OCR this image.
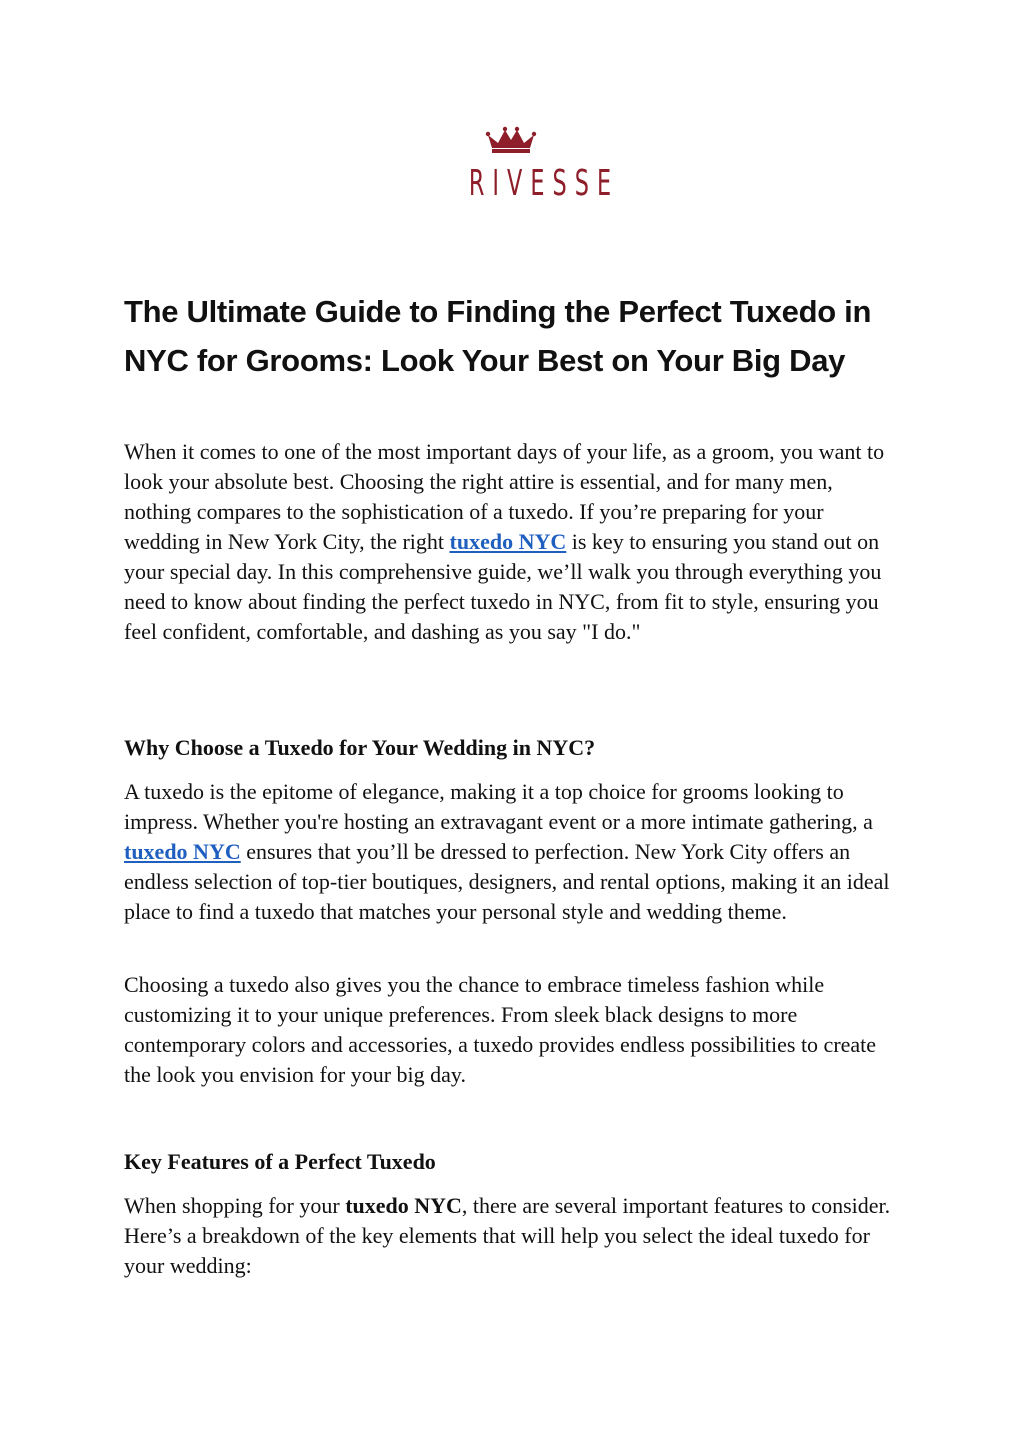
RIVESSE
The Ultimate Guide to Finding the Perfect Tuxedo in NYC for Grooms: Look Your Best on Your Big Day

When it comes to one of the most important days of your life, as a groom, you want to look your absolute best. Choosing the right attire is essential, and for many men, nothing compares to the sophistication of a tuxedo. If you’re preparing for your wedding in New York City, the right tuxedo NYC is key to ensuring you stand out on your special day. In this comprehensive guide, we’ll walk you through everything you need to know about finding the perfect tuxedo in NYC, from fit to style, ensuring you feel confident, comfortable, and dashing as you say "I do."

Why Choose a Tuxedo for Your Wedding in NYC?

A tuxedo is the epitome of elegance, making it a top choice for grooms looking to impress. Whether you're hosting an extravagant event or a more intimate gathering, a tuxedo NYC ensures that you’ll be dressed to perfection. New York City offers an endless selection of top-tier boutiques, designers, and rental options, making it an ideal place to find a tuxedo that matches your personal style and wedding theme.

Choosing a tuxedo also gives you the chance to embrace timeless fashion while customizing it to your unique preferences. From sleek black designs to more contemporary colors and accessories, a tuxedo provides endless possibilities to create the look you envision for your big day.

Key Features of a Perfect Tuxedo

When shopping for your tuxedo NYC, there are several important features to consider. Here’s a breakdown of the key elements that will help you select the ideal tuxedo for your wedding:
